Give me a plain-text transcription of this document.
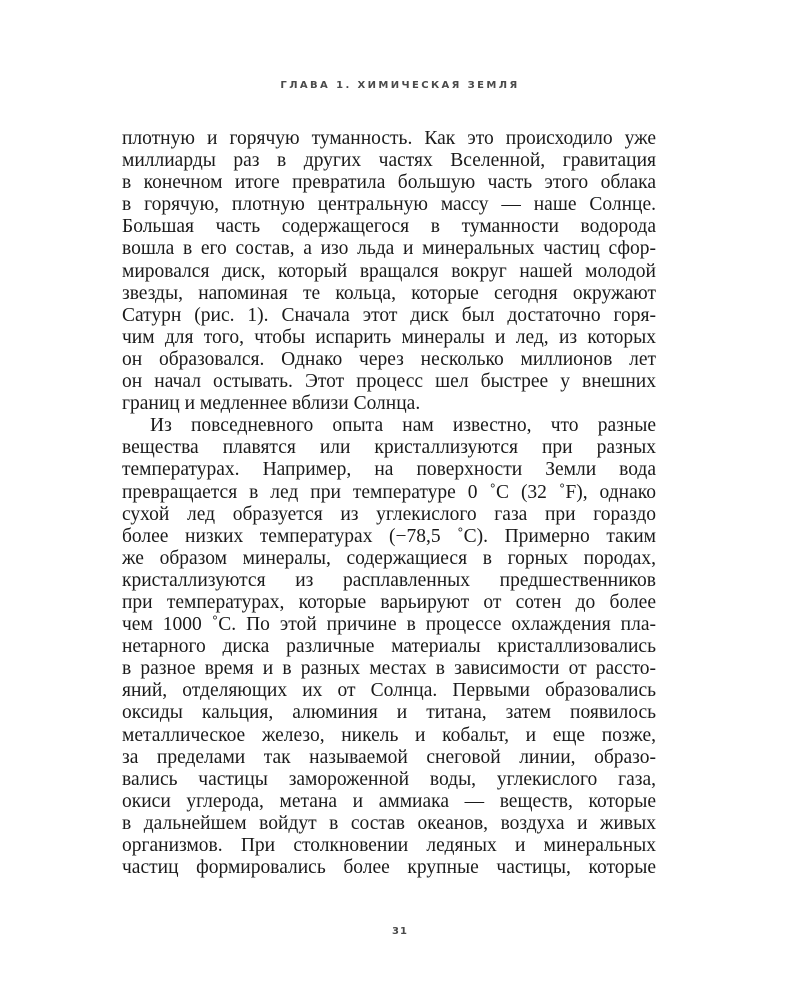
ГЛАВА 1. ХИМИЧЕСКАЯ ЗЕМЛЯ
плотную и горячую туманность. Как это происходило уже
миллиарды раз в других частях Вселенной, гравитация
в конечном итоге превратила большую часть этого облака
в горячую, плотную центральную массу — наше Солнце.
Большая часть содержащегося в туманности водорода
вошла в его состав, а изо льда и минеральных частиц сфор-
мировался диск, который вращался вокруг нашей молодой
звезды, напоминая те кольца, которые сегодня окружают
Сатурн (рис. 1). Сначала этот диск был достаточно горя-
чим для того, чтобы испарить минералы и лед, из которых
он образовался. Однако через несколько миллионов лет
он начал остывать. Этот процесс шел быстрее у внешних
границ и медленнее вблизи Солнца.
Из повседневного опыта нам известно, что разные
вещества плавятся или кристаллизуются при разных
температурах. Например, на поверхности Земли вода
превращается в лед при температуре 0 ˚C (32 ˚F), однако
сухой лед образуется из углекислого газа при гораздо
более низких температурах (−78,5 ˚C). Примерно таким
же образом минералы, содержащиеся в горных породах,
кристаллизуются из расплавленных предшественников
при температурах, которые варьируют от сотен до более
чем 1000 ˚C. По этой причине в процессе охлаждения пла-
нетарного диска различные материалы кристаллизовались
в разное время и в разных местах в зависимости от рассто-
яний, отделяющих их от Солнца. Первыми образовались
оксиды кальция, алюминия и титана, затем появилось
металлическое железо, никель и кобальт, и еще позже,
за пределами так называемой снеговой линии, образо-
вались частицы замороженной воды, углекислого газа,
окиси углерода, метана и аммиака — веществ, которые
в дальнейшем войдут в состав океанов, воздуха и живых
организмов. При столкновении ледяных и минеральных
частиц формировались более крупные частицы, которые
31
